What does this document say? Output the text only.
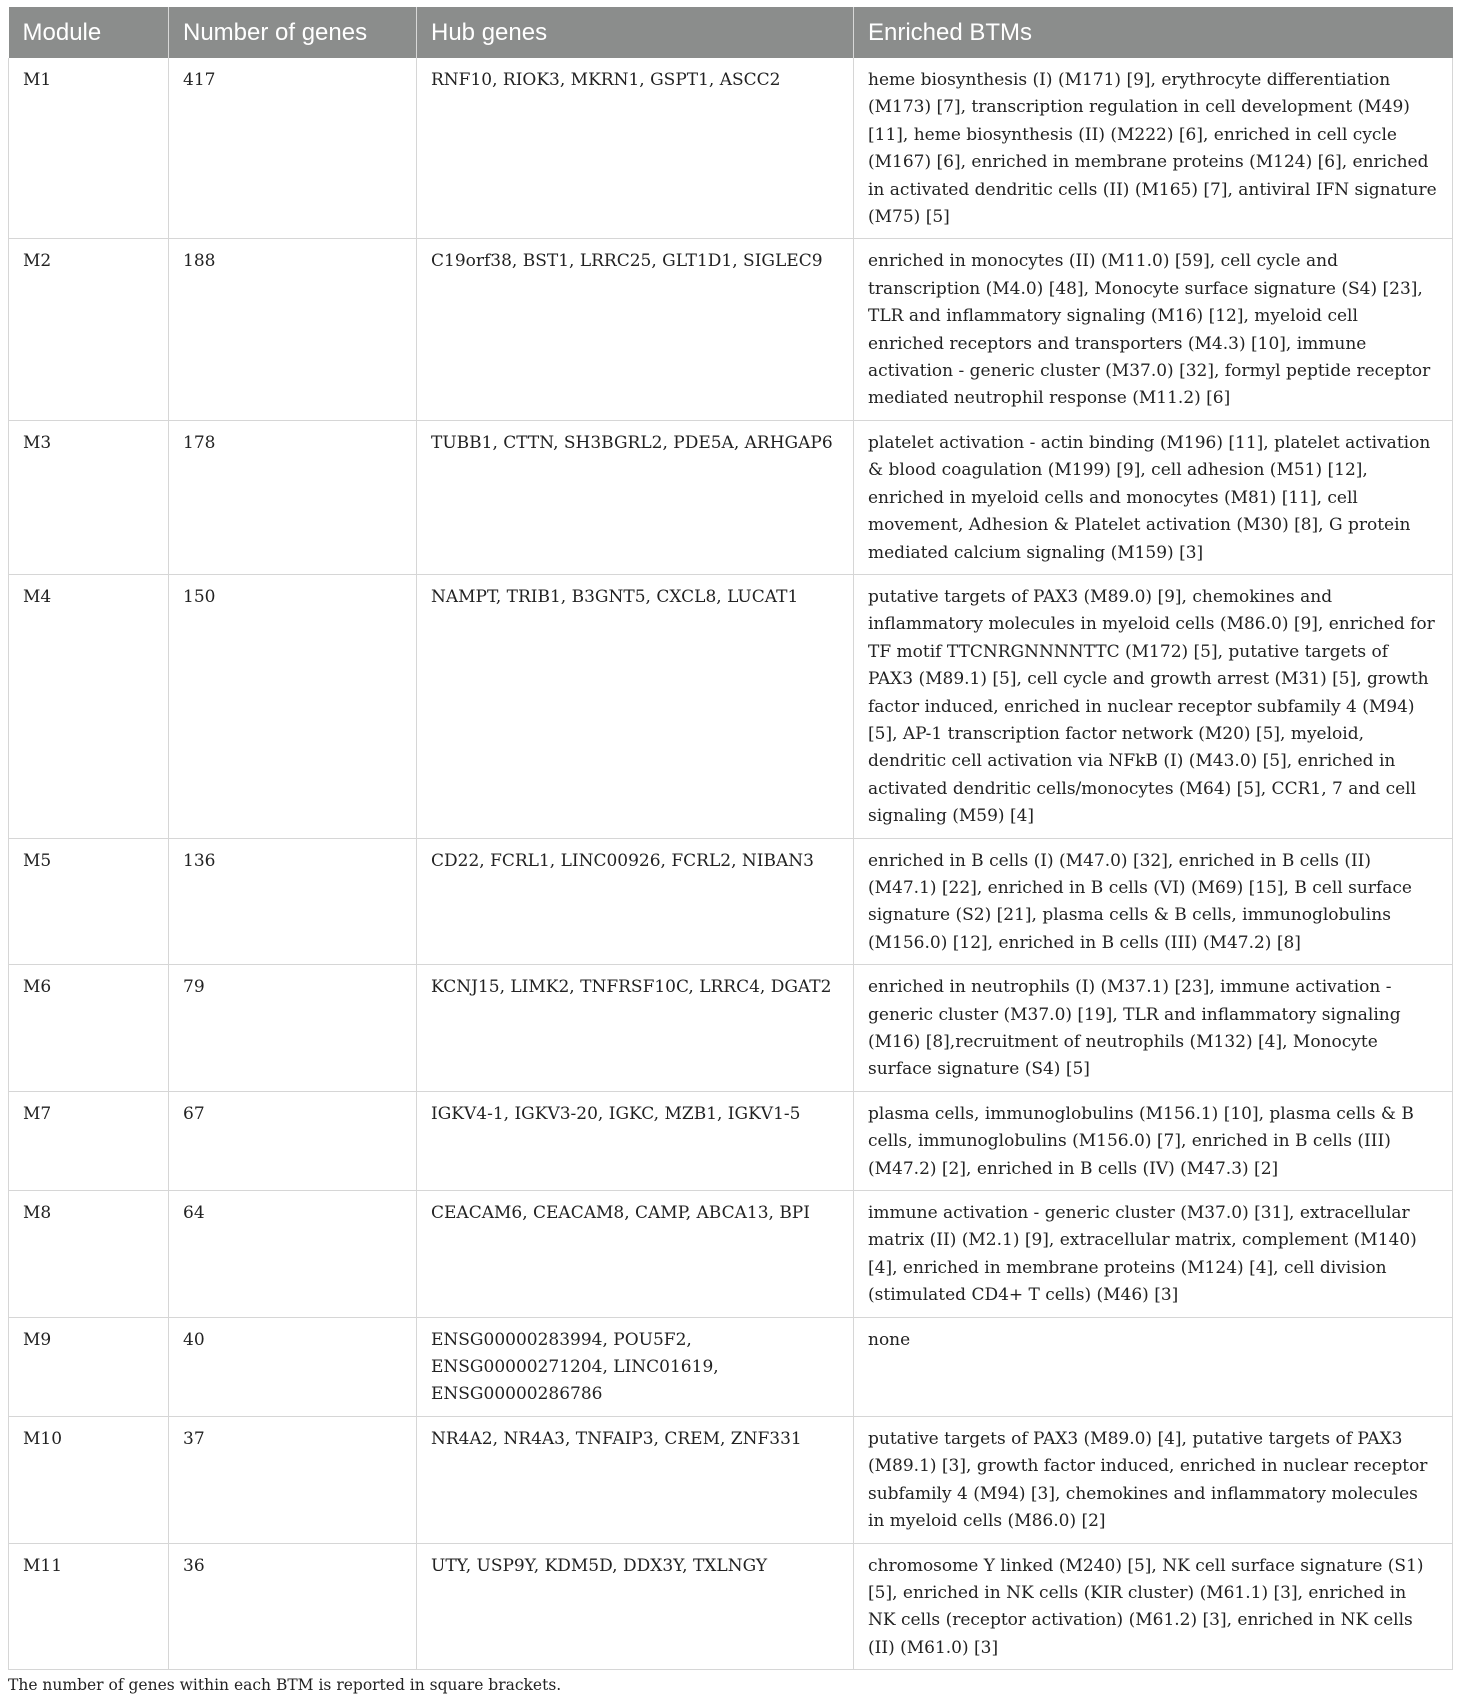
Module	Number of genes	Hub genes	Enriched BTMs
M1	417	RNF10, RIOK3, MKRN1, GSPT1, ASCC2	heme biosynthesis (I) (M171) [9], erythrocyte differentiation (M173) [7], transcription regulation in cell development (M49) [11], heme biosynthesis (II) (M222) [6], enriched in cell cycle (M167) [6], enriched in membrane proteins (M124) [6], enriched in activated dendritic cells (II) (M165) [7], antiviral IFN signature (M75) [5]
M2	188	C19orf38, BST1, LRRC25, GLT1D1, SIGLEC9	enriched in monocytes (II) (M11.0) [59], cell cycle and transcription (M4.0) [48], Monocyte surface signature (S4) [23], TLR and inflammatory signaling (M16) [12], myeloid cell enriched receptors and transporters (M4.3) [10], immune activation - generic cluster (M37.0) [32], formyl peptide receptor mediated neutrophil response (M11.2) [6]
M3	178	TUBB1, CTTN, SH3BGRL2, PDE5A, ARHGAP6	platelet activation - actin binding (M196) [11], platelet activation & blood coagulation (M199) [9], cell adhesion (M51) [12], enriched in myeloid cells and monocytes (M81) [11], cell movement, Adhesion & Platelet activation (M30) [8], G protein mediated calcium signaling (M159) [3]
M4	150	NAMPT, TRIB1, B3GNT5, CXCL8, LUCAT1	putative targets of PAX3 (M89.0) [9], chemokines and inflammatory molecules in myeloid cells (M86.0) [9], enriched for TF motif TTCNRGNNNNTTC (M172) [5], putative targets of PAX3 (M89.1) [5], cell cycle and growth arrest (M31) [5], growth factor induced, enriched in nuclear receptor subfamily 4 (M94) [5], AP-1 transcription factor network (M20) [5], myeloid, dendritic cell activation via NFkB (I) (M43.0) [5], enriched in activated dendritic cells/monocytes (M64) [5], CCR1, 7 and cell signaling (M59) [4]
M5	136	CD22, FCRL1, LINC00926, FCRL2, NIBAN3	enriched in B cells (I) (M47.0) [32], enriched in B cells (II) (M47.1) [22], enriched in B cells (VI) (M69) [15], B cell surface signature (S2) [21], plasma cells & B cells, immunoglobulins (M156.0) [12], enriched in B cells (III) (M47.2) [8]
M6	79	KCNJ15, LIMK2, TNFRSF10C, LRRC4, DGAT2	enriched in neutrophils (I) (M37.1) [23], immune activation - generic cluster (M37.0) [19], TLR and inflammatory signaling (M16) [8],recruitment of neutrophils (M132) [4], Monocyte surface signature (S4) [5]
M7	67	IGKV4-1, IGKV3-20, IGKC, MZB1, IGKV1-5	plasma cells, immunoglobulins (M156.1) [10], plasma cells & B cells, immunoglobulins (M156.0) [7], enriched in B cells (III) (M47.2) [2], enriched in B cells (IV) (M47.3) [2]
M8	64	CEACAM6, CEACAM8, CAMP, ABCA13, BPI	immune activation - generic cluster (M37.0) [31], extracellular matrix (II) (M2.1) [9], extracellular matrix, complement (M140) [4], enriched in membrane proteins (M124) [4], cell division (stimulated CD4+ T cells) (M46) [3]
M9	40	ENSG00000283994, POU5F2, ENSG00000271204, LINC01619, ENSG00000286786	none
M10	37	NR4A2, NR4A3, TNFAIP3, CREM, ZNF331	putative targets of PAX3 (M89.0) [4], putative targets of PAX3 (M89.1) [3], growth factor induced, enriched in nuclear receptor subfamily 4 (M94) [3], chemokines and inflammatory molecules in myeloid cells (M86.0) [2]
M11	36	UTY, USP9Y, KDM5D, DDX3Y, TXLNGY	chromosome Y linked (M240) [5], NK cell surface signature (S1) [5], enriched in NK cells (KIR cluster) (M61.1) [3], enriched in NK cells (receptor activation) (M61.2) [3], enriched in NK cells (II) (M61.0) [3]
The number of genes within each BTM is reported in square brackets.
